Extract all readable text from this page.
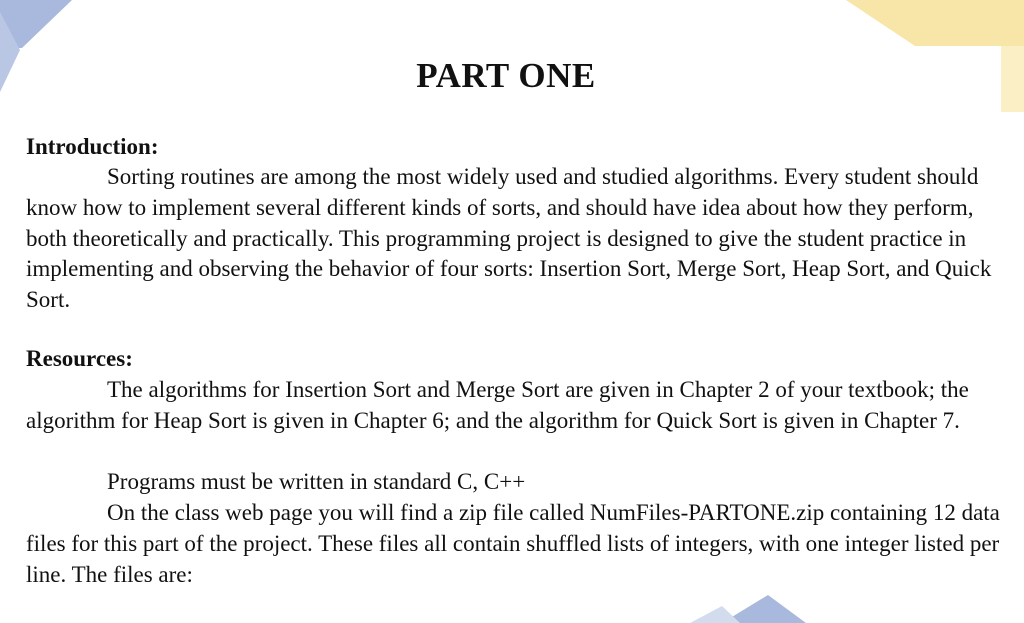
PART ONE
Introduction:

Sorting routines are among the most widely used and studied algorithms. Every student should know how to implement several different kinds of sorts, and should have idea about how they perform, both theoretically and practically. This programming project is designed to give the student practice in implementing and observing the behavior of four sorts: Insertion Sort, Merge Sort, Heap Sort, and Quick Sort.

Resources:

The algorithms for Insertion Sort and Merge Sort are given in Chapter 2 of your textbook; the algorithm for Heap Sort is given in Chapter 6; and the algorithm for Quick Sort is given in Chapter 7.

Programs must be written in standard C, C++

On the class web page you will find a zip file called NumFiles-PARTONE.zip containing 12 data files for this part of the project. These files all contain shuffled lists of integers, with one integer listed per line. The files are:
